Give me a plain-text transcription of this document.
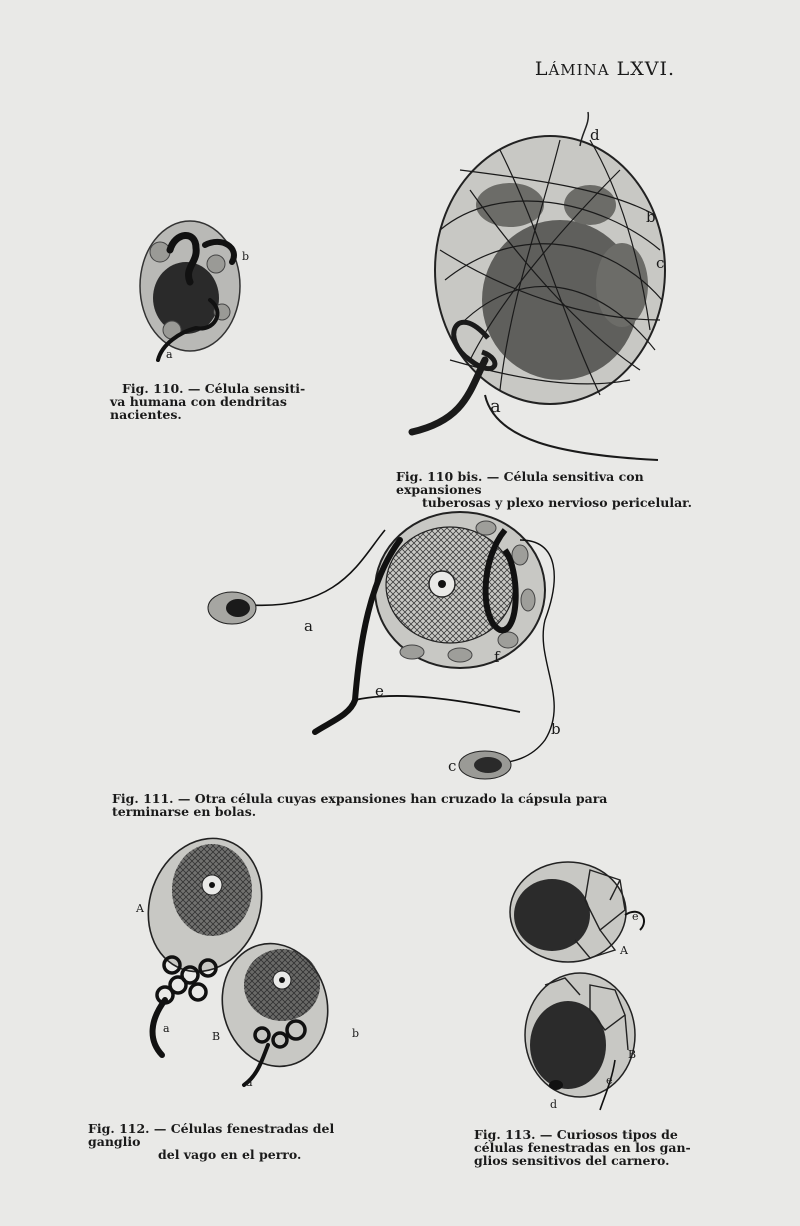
LÁMINA LXVI.
b
a
Fig. 110. — Célula sensiti-
va humana con dendritas
nacientes.
d
b
c
a
Fig. 110 bis. — Célula sensitiva con expansiones
tuberosas y plexo nervioso pericelular.
a
f
e
b
c
Fig. 111. — Otra célula cuyas expansiones han cruzado la cápsula para terminarse en bolas.
A
a
B	b
a
Fig. 112. — Células fenestradas del ganglio
del vago en el perro.
e
A
B
e
d
Fig. 113. — Curiosos tipos de
células fenestradas en los gan-
glios sensitivos del carnero.
